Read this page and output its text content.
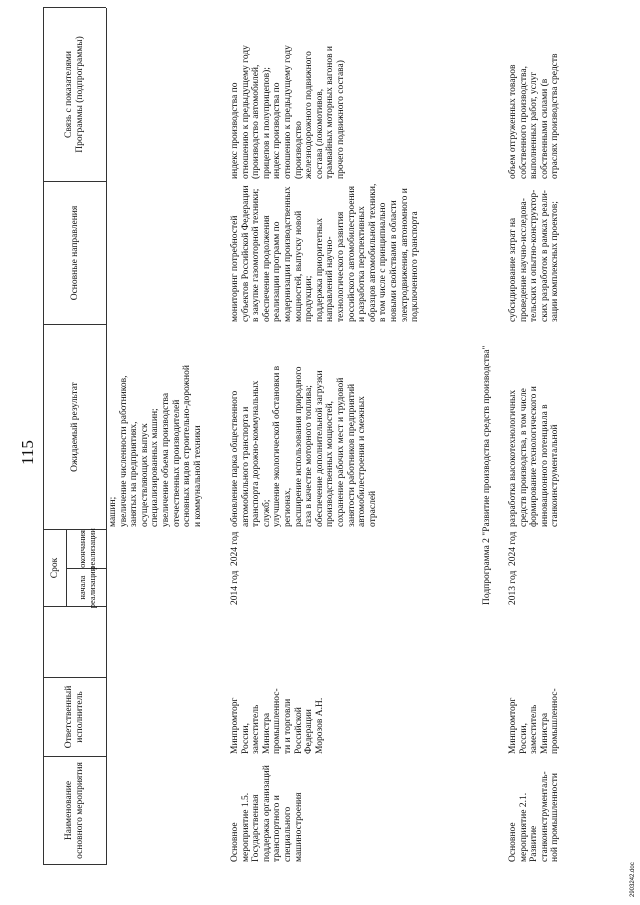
115
Наименование
основного мероприятия
Ответственный
исполнитель
Срок
начала
реализации
окончания
реализации
Ожидаемый результат
Основные направления
Связь с показателями
Программы (подпрограммы)
машин;
увеличение численности работников,
занятых на предприятиях,
осуществляющих выпуск
специализированных машин;
увеличение объема производства
отечественных производителей
основных видов строительно-дорожной
и коммунальной техники
Основное
мероприятие 1.5.
Государственная
поддержка организаций
транспортного и
специального
машиностроения
Минпромторг
России,
заместитель
Министра
промышленнос-
ти и торговли
Российской
Федерации
Морозов А.Н.
2014 год
2024 год
обновление парка общественного
автомобильного транспорта и
транспорта дорожно-коммунальных
служб;
улучшение экологической обстановки в
регионах,
расширение использования природного
газа в качестве моторного топлива;
обеспечение дополнительной загрузки
производственных мощностей,
сохранение рабочих мест и трудовой
занятости работников предприятий
автомобилестроения и смежных
отраслей
мониторинг потребностей
субъектов Российской Федерации
в закупке газомоторной техники;
обеспечение продолжения
реализации программ по
модернизации производственных
мощностей, выпуску новой
продукции;
поддержка приоритетных
направлений научно-
технологического развития
российского автомобилестроения
и разработка перспективных
образцов автомобильной техники,
в том числе с принципиально
новыми свойствами в области
электродвижения, автономного и
подключенного транспорта
индекс производства по
отношению к предыдущему году
(производство автомобилей,
прицепов и полуприцепов);
индекс производства по
отношению к предыдущему году
(производство
железнодорожного подвижного
состава (локомотивов,
трамвайных моторных вагонов и
прочего подвижного состава)
Подпрограмма 2 "Развитие производства средств производства"
Основное
мероприятие 2.1.
Развитие
станкоинструменталь-
ной промышленности
Минпромторг
России,
заместитель
Министра
промышленнос-
2013 год
2024 год
разработка высокотехнологичных
средств производства, в том числе
формирование технологического и
инновационного потенциала в
станкоинструментальной
субсидирование затрат на
проведение научно-исследова-
тельских и опытно-конструктор-
ских разработок в рамках реали-
зации комплексных проектов;
объем отгруженных товаров
собственного производства,
выполненных работ, услуг
собственными силами (в
отраслях производства средств
2903242.doc
